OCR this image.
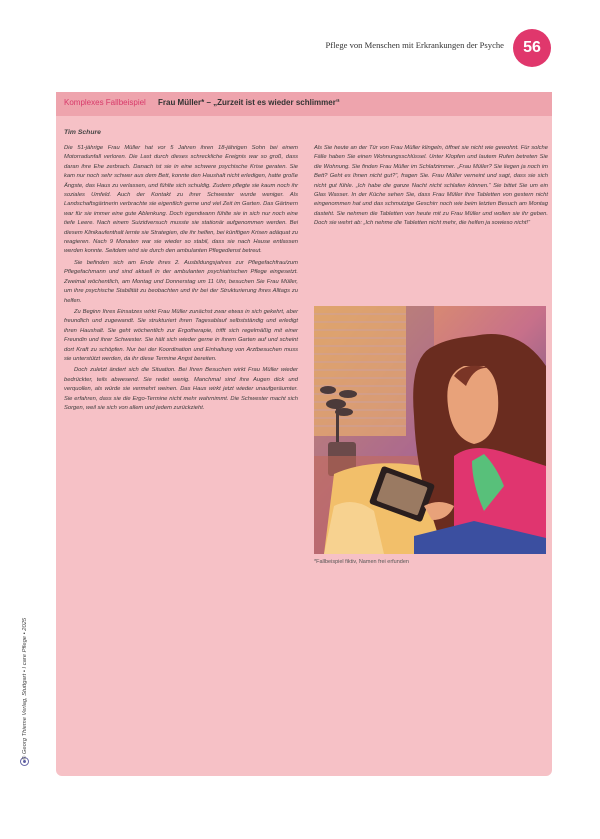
Pflege von Menschen mit Erkrankungen der Psyche	56
Komplexes Fallbeispiel Frau Müller* – „Zurzeit ist es wieder schlimmer“
Tim Schure

Die 51-jährige Frau Müller hat vor 5 Jahren ihren 18-jährigen Sohn bei einem Motorradunfall verloren. Die Last durch dieses schreckliche Ereignis war so groß, dass daran ihre Ehe zerbrach. Danach ist sie in eine schwere psychische Krise geraten. Sie kam nur noch sehr schwer aus dem Bett, konnte den Haushalt nicht erledigen, hatte große Ängste, das Haus zu verlassen, und fühlte sich schuldig. Zudem pflegte sie kaum noch ihr soziales Umfeld. Auch der Kontakt zu ihrer Schwester wurde weniger. Als Landschaftsgärtnerin verbrachte sie eigentlich gerne und viel Zeit im Garten. Das Gärtnern war für sie immer eine gute Ablenkung. Doch irgendwann fühlte sie in sich nur noch eine tiefe Leere. Nach einem Suizidversuch musste sie stationär aufgenommen werden. Bei diesem Klinikaufenthalt lernte sie Strategien, die ihr helfen, bei künftigen Krisen adäquat zu reagieren. Nach 9 Monaten war sie wieder so stabil, dass sie nach Hause entlassen werden konnte. Seitdem wird sie durch den ambulanten Pflegedienst betreut.

Sie befinden sich am Ende ihres 2. Ausbildungsjahres zur Pflegefachfrau/zum Pflegefachmann und sind aktuell in der ambulanten psychiatrischen Pflege eingesetzt. Zweimal wöchentlich, am Montag und Donnerstag um 11 Uhr, besuchen Sie Frau Müller, um ihre psychische Stabilität zu beobachten und ihr bei der Strukturierung ihres Alltags zu helfen.

Zu Beginn Ihres Einsatzes wirkt Frau Müller zunächst zwar etwas in sich gekehrt, aber freundlich und zugewandt. Sie strukturiert ihren Tagesablauf selbstständig und erledigt ihren Haushalt. Sie geht wöchentlich zur Ergotherapie, trifft sich regelmäßig mit einer Freundin und ihrer Schwester. Sie hält sich wieder gerne in ihrem Garten auf und scheint dort Kraft zu schöpfen. Nur bei der Koordination und Einhaltung von Arztbesuchen muss sie unterstützt werden, da ihr diese Termine Angst bereiten.

Doch zuletzt ändert sich die Situation. Bei Ihren Besuchen wirkt Frau Müller wieder bedrückter, teils abwesend. Sie redet wenig. Manchmal sind ihre Augen dick und verquollen, als würde sie vermehrt weinen. Das Haus wirkt jetzt wieder unaufgeräumter. Sie erfahren, dass sie die Ergo-Termine nicht mehr wahrnimmt. Die Schwester macht sich Sorgen, weil sie sich von allem und jedem zurückzieht.

Als Sie heute an der Tür von Frau Müller klingeln, öffnet sie nicht wie gewohnt. Für solche Fälle haben Sie einen Wohnungsschlüssel. Unter Klopfen und lautem Rufen betreten Sie die Wohnung. Sie finden Frau Müller im Schlafzimmer. „Frau Müller? Sie liegen ja noch im Bett? Geht es Ihnen nicht gut?“, fragen Sie. Frau Müller verneint und sagt, dass sie sich nicht gut fühle. „Ich habe die ganze Nacht nicht schlafen können.“ Sie bittet Sie um ein Glas Wasser. In der Küche sehen Sie, dass Frau Müller ihre Tabletten von gestern nicht eingenommen hat und das schmutzige Geschirr noch wie beim letzten Besuch am Montag dasteht. Sie nehmen die Tabletten von heute mit zu Frau Müller und wollen sie ihr geben. Doch sie wehrt ab: „Ich nehme die Tabletten nicht mehr, die helfen ja sowieso nicht!“

*Fallbeispiel fiktiv, Namen frei erfunden
© Georg Thieme Verlag, Stuttgart • I care Pflege • 2025
